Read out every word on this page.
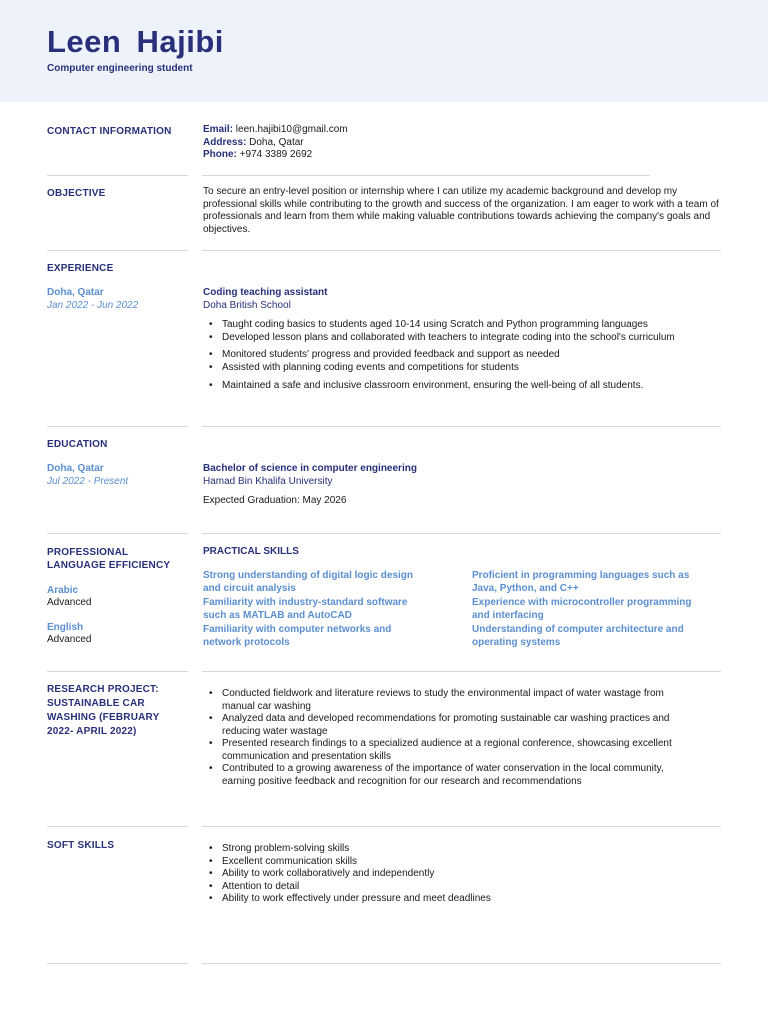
Leen Hajibi
Computer engineering student
CONTACT INFORMATION	Email: leen.hajibi10@gmail.com
Address: Doha, Qatar
Phone: +974 3389 2692
OBJECTIVE	To secure an entry-level position or internship where I can utilize my academic background and develop my professional skills while contributing to the growth and success of the organization. I am eager to work with a team of professionals and learn from them while making valuable contributions towards achieving the company's goals and objectives.
EXPERIENCE
Doha, Qatar
Jan 2022 - Jun 2022
Coding teaching assistant
Doha British School
• Taught coding basics to students aged 10-14 using Scratch and Python programming languages
• Developed lesson plans and collaborated with teachers to integrate coding into the school's curriculum
• Monitored students' progress and provided feedback and support as needed
• Assisted with planning coding events and competitions for students
• Maintained a safe and inclusive classroom environment, ensuring the well-being of all students.
EDUCATION
Doha, Qatar
Jul 2022 - Present
Bachelor of science in computer engineering
Hamad Bin Khalifa University
Expected Graduation: May 2026
PROFESSIONAL
LANGUAGE EFFICIENCY
Arabic
Advanced
English
Advanced
PRACTICAL SKILLS
Strong understanding of digital logic design
and circuit analysis
Familiarity with industry-standard software
such as MATLAB and AutoCAD
Familiarity with computer networks and
network protocols
Proficient in programming languages such as
Java, Python, and C++
Experience with microcontroller programming
and interfacing
Understanding of computer architecture and
operating systems
RESEARCH PROJECT:
SUSTAINABLE CAR
WASHING (FEBRUARY
2022- APRIL 2022)
• Conducted fieldwork and literature reviews to study the environmental impact of water wastage from
manual car washing
• Analyzed data and developed recommendations for promoting sustainable car washing practices and
reducing water wastage
• Presented research findings to a specialized audience at a regional conference, showcasing excellent
communication and presentation skills
• Contributed to a growing awareness of the importance of water conservation in the local community,
earning positive feedback and recognition for our research and recommendations
SOFT SKILLS
•	Strong problem-solving skills
• Excellent communication skills
• Ability to work collaboratively and independently
• Attention to detail
• Ability to work effectively under pressure and meet deadlines
